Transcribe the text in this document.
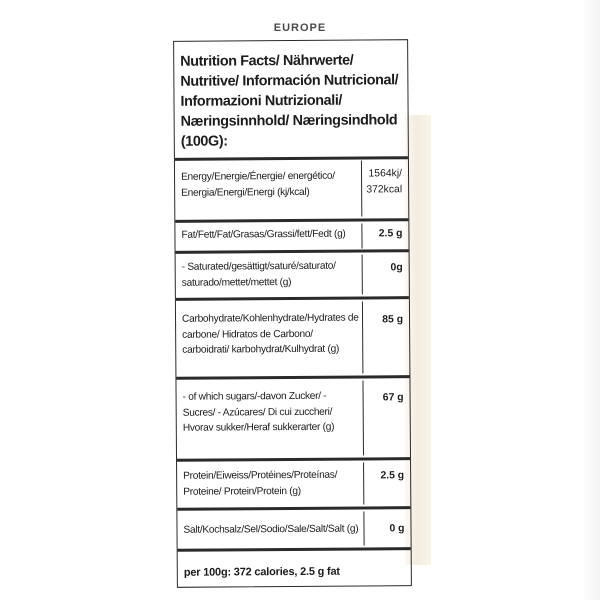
EUROPE
Nutrition Facts/ Nährwerte/ Nutritive/ Información Nutricional/ Informazioni Nutrizionali/ Næringsinnhold/ Næringsindhold (100G):
Energy/Energie/Énergie/ energético/ Energia/Energi/Energi (kj/kcal)
1564kj/
372kcal
Fat/Fett/Fat/Grasas/Grassi/fett/Fedt (g)	2.5 g
- Saturated/gesättigt/saturé/saturato/ saturado/mettet/mettet (g)
0g
Carbohydrate/Kohlenhydrate/Hydrates de carbone/ Hidratos de Carbono/ carboidrati/ karbohydrat/Kulhydrat (g)
85 g
- of which sugars/-davon Zucker/ - Sucres/ - Azúcares/ Di cui zuccheri/ Hvorav sukker/Heraf sukkerarter (g)
67 g
Protein/Eiweiss/Protéines/Proteínas/ Proteine/ Protein/Protein (g)
2.5 g
Salt/Kochsalz/Sel/Sodio/Sale/Salt/Salt (g)	0 g
per 100g: 372 calories, 2.5 g fat
